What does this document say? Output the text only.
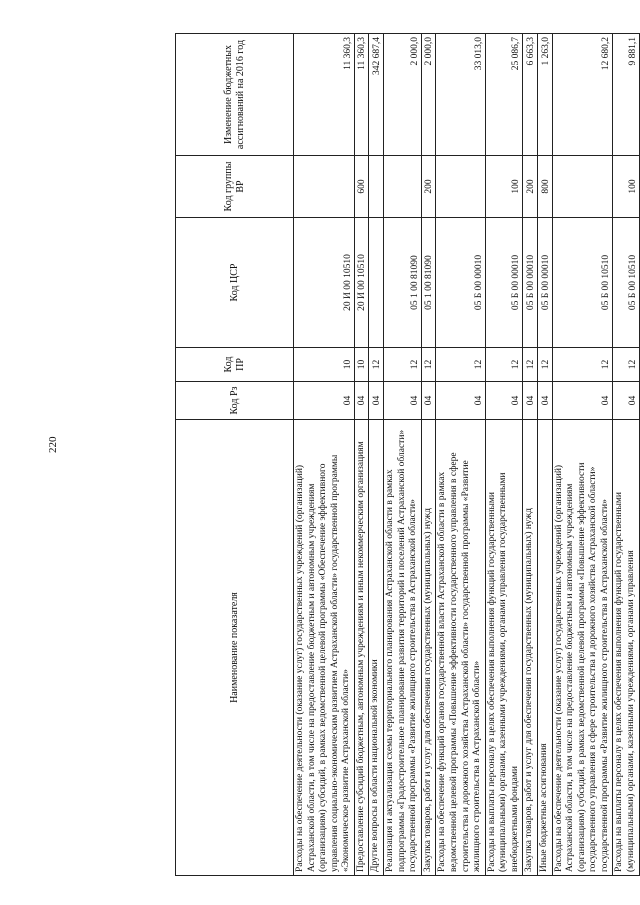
220
Наименование показателя	Код Рз	Код ПР	Код ЦСР	Код группы ВР	Изменение бюджетных ассигнований на 2016 год
Расходы на обеспечение деятельности (оказание услуг) государственных учреждений (организаций) Астраханской области, в том числе на предоставление бюджетным и автономным учреждениям (организациям) субсидий, в рамках ведомственной целевой программы «Обеспечение эффективного управления социально-экономическим развитием Астраханской области» государственной программы «Экономическое развитие Астраханской области»	04	10	20 И 00 10510		11 360,3
Предоставление субсидий бюджетным, автономным учреждениям и иным некоммерческим организациям	04	10	20 И 00 10510	600	11 360,3
Другие вопросы в области национальной экономики	04	12			342 687,4
Реализация и актуализация схемы территориального планирования Астраханской области в рамках подпрограммы «Градостроительное планирование развития территорий и поселений Астраханской области» государственной программы «Развитие жилищного строительства в Астраханской области»	04	12	05 1 00 81090		2 000,0
Закупка товаров, работ и услуг для обеспечения государственных (муниципальных) нужд	04	12	05 1 00 81090	200	2 000,0
Расходы на обеспечение функций органов государственной власти Астраханской области в рамках ведомственной целевой программы «Повышение эффективности государственного управления в сфере строительства и дорожного хозяйства Астраханской области» государственной программы «Развитие жилищного строительства в Астраханской области»	04	12	05 Б 00 00010		33 013,0
Расходы на выплаты персоналу в целях обеспечения выполнения функций государственными (муниципальными) органами, казенными учреждениями, органами управления государственными внебюджетными фондами	04	12	05 Б 00 00010	100	25 086,7
Закупка товаров, работ и услуг для обеспечения государственных (муниципальных) нужд	04	12	05 Б 00 00010	200	6 663,3
Иные бюджетные ассигнования	04	12	05 Б 00 00010	800	1 263,0
Расходы на обеспечение деятельности (оказание услуг) государственных учреждений (организаций) Астраханской области, в том числе на предоставление бюджетным и автономным учреждениям (организациям) субсидий, в рамках ведомственной целевой программы «Повышение эффективности государственного управления в сфере строительства и дорожного хозяйства Астраханской области» государственной программы «Развитие жилищного строительства в Астраханской области»	04	12	05 Б 00 10510		12 680,2
Расходы на выплаты персоналу в целях обеспечения выполнения функций государственными (муниципальными) органами, казенными учреждениями, органами управления	04	12	05 Б 00 10510	100	9 881,1
